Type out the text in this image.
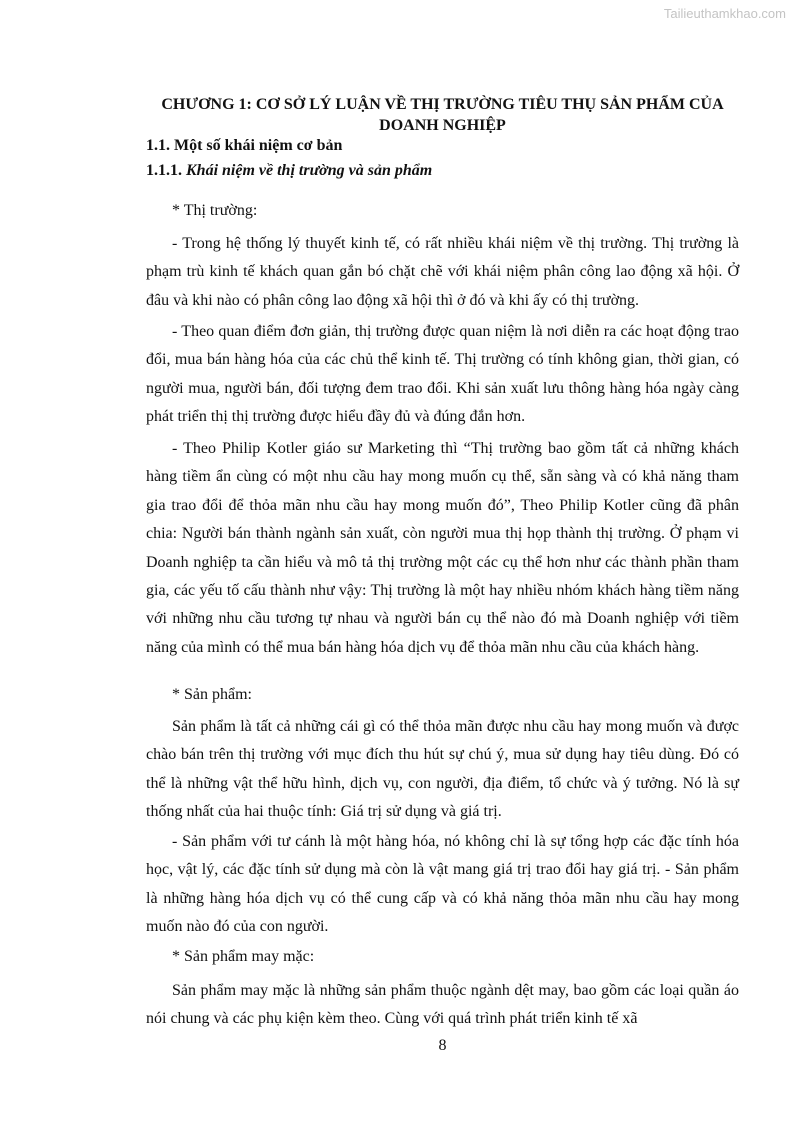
Tailieuthamkhao.com
CHƯƠNG 1: CƠ SỞ LÝ LUẬN VỀ THỊ TRƯỜNG TIÊU THỤ SẢN PHẨM CỦA DOANH NGHIỆP
1.1. Một số khái niệm cơ bản
1.1.1. Khái niệm về thị trường và sản phẩm
* Thị trường:
- Trong hệ thống lý thuyết kinh tế, có rất nhiều khái niệm về thị trường. Thị trường là phạm trù kinh tế khách quan gắn bó chặt chẽ với khái niệm phân công lao động xã hội. Ở đâu và khi nào có phân công lao động xã hội thì ở đó và khi ấy có thị trường.
- Theo quan điểm đơn giản, thị trường được quan niệm là nơi diễn ra các hoạt động trao đổi, mua bán hàng hóa của các chủ thể kinh tế. Thị trường có tính không gian, thời gian, có người mua, người bán, đối tượng đem trao đổi. Khi sản xuất lưu thông hàng hóa ngày càng phát triển thị thị trường được hiểu đầy đủ và đúng đắn hơn.
- Theo Philip Kotler giáo sư Marketing thì “Thị trường bao gồm tất cả những khách hàng tiềm ẩn cùng có một nhu cầu hay mong muốn cụ thể, sẵn sàng và có khả năng tham gia trao đổi để thỏa mãn nhu cầu hay mong muốn đó”, Theo Philip Kotler cũng đã phân chia: Người bán thành ngành sản xuất, còn người mua thị họp thành thị trường. Ở phạm vi Doanh nghiệp ta cần hiểu và mô tả thị trường một các cụ thể hơn như các thành phần tham gia, các yếu tố cấu thành như vậy: Thị trường là một hay nhiều nhóm khách hàng tiềm năng với những nhu cầu tương tự nhau và người bán cụ thể nào đó mà Doanh nghiệp với tiềm năng của mình có thể mua bán hàng hóa dịch vụ để thỏa mãn nhu cầu của khách hàng.
* Sản phẩm:
Sản phẩm là tất cả những cái gì có thể thỏa mãn được nhu cầu hay mong muốn và được chào bán trên thị trường với mục đích thu hút sự chú ý, mua sử dụng hay tiêu dùng. Đó có thể là những vật thể hữu hình, dịch vụ, con người, địa điểm, tổ chức và ý tưởng. Nó là sự thống nhất của hai thuộc tính: Giá trị sử dụng và giá trị.
- Sản phẩm với tư cánh là một hàng hóa, nó không chỉ là sự tổng hợp các đặc tính hóa học, vật lý, các đặc tính sử dụng mà còn là vật mang giá trị trao đổi hay giá trị. - Sản phẩm là những hàng hóa dịch vụ có thể cung cấp và có khả năng thỏa mãn nhu cầu hay mong muốn nào đó của con người.
* Sản phẩm may mặc:
Sản phẩm may mặc là những sản phẩm thuộc ngành dệt may, bao gồm các loại quần áo nói chung và các phụ kiện kèm theo. Cùng với quá trình phát triển kinh tế xã
8
